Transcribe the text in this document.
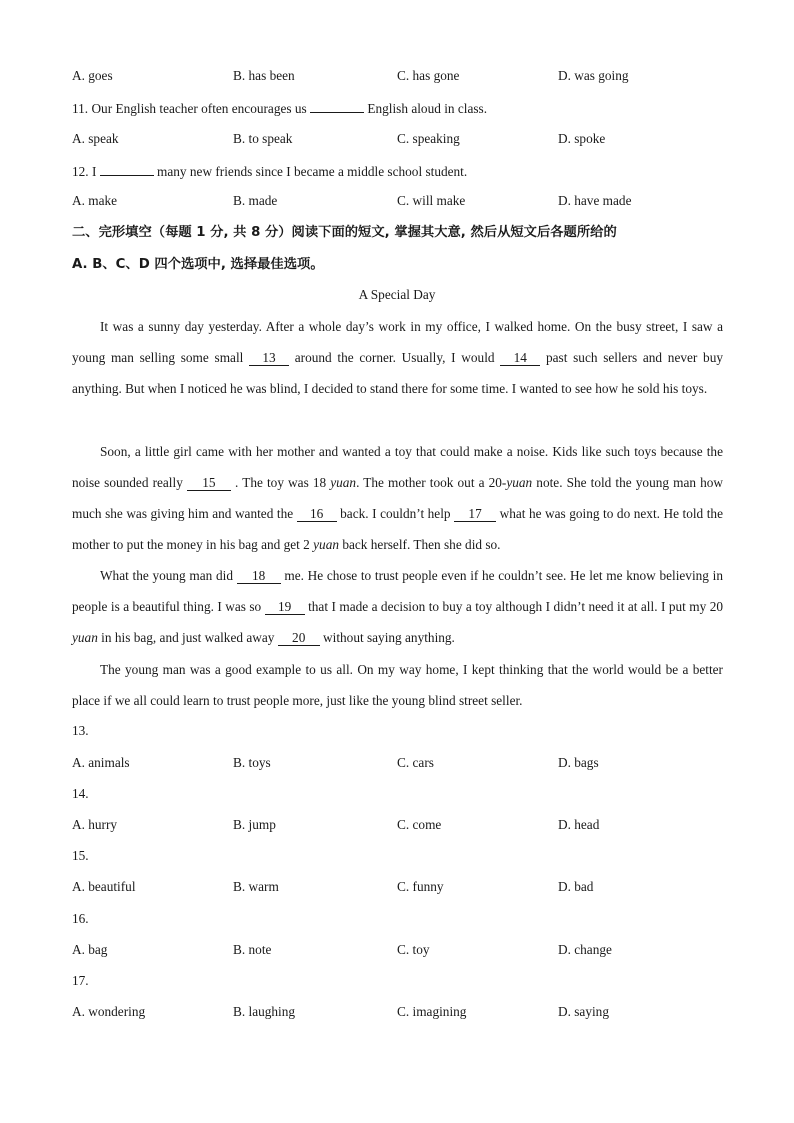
A. goes	B. has been	C. has gone	D. was going
11. Our English teacher often encourages us	English aloud in class.
A. speak	B. to speak	C. speaking	D. spoke
12. I	many new friends since I became a middle school student.
A. make	B. made	C. will make	D. have made
二、完形填空（每题 1 分, 共 8 分）阅读下面的短文, 掌握其大意, 然后从短文后各题所给的
A. B、C、D 四个选项中, 选择最佳选项。
A Special Day
It was a sunny day yesterday. After a whole day’s work in my office, I walked home. On the busy street, I saw a young man selling some small 13 around the corner. Usually, I would 14 past such sellers and never buy anything. But when I noticed he was blind, I decided to stand there for some time. I wanted to see how he sold his toys.
Soon, a little girl came with her mother and wanted a toy that could make a noise. Kids like such toys because the noise sounded really 15 . The toy was 18 yuan. The mother took out a 20-yuan note. She told the young man how much she was giving him and wanted the 16 back. I couldn’t help 17 what he was going to do next. He told the mother to put the money in his bag and get 2 yuan back herself. Then she did so.
What the young man did 18 me. He chose to trust people even if he couldn’t see. He let me know believing in people is a beautiful thing. I was so 19 that I made a decision to buy a toy although I didn’t need it at all. I put my 20 yuan in his bag, and just walked away 20 without saying anything.
The young man was a good example to us all. On my way home, I kept thinking that the world would be a better place if we all could learn to trust people more, just like the young blind street seller.
13.
A. animals	B. toys	C. cars	D. bags
14.
A. hurry	B. jump	C. come	D. head
15.
A. beautiful	B. warm	C. funny	D. bad
16.
A. bag	B. note	C. toy	D. change
17.
A. wondering	B. laughing	C. imagining	D. saying
